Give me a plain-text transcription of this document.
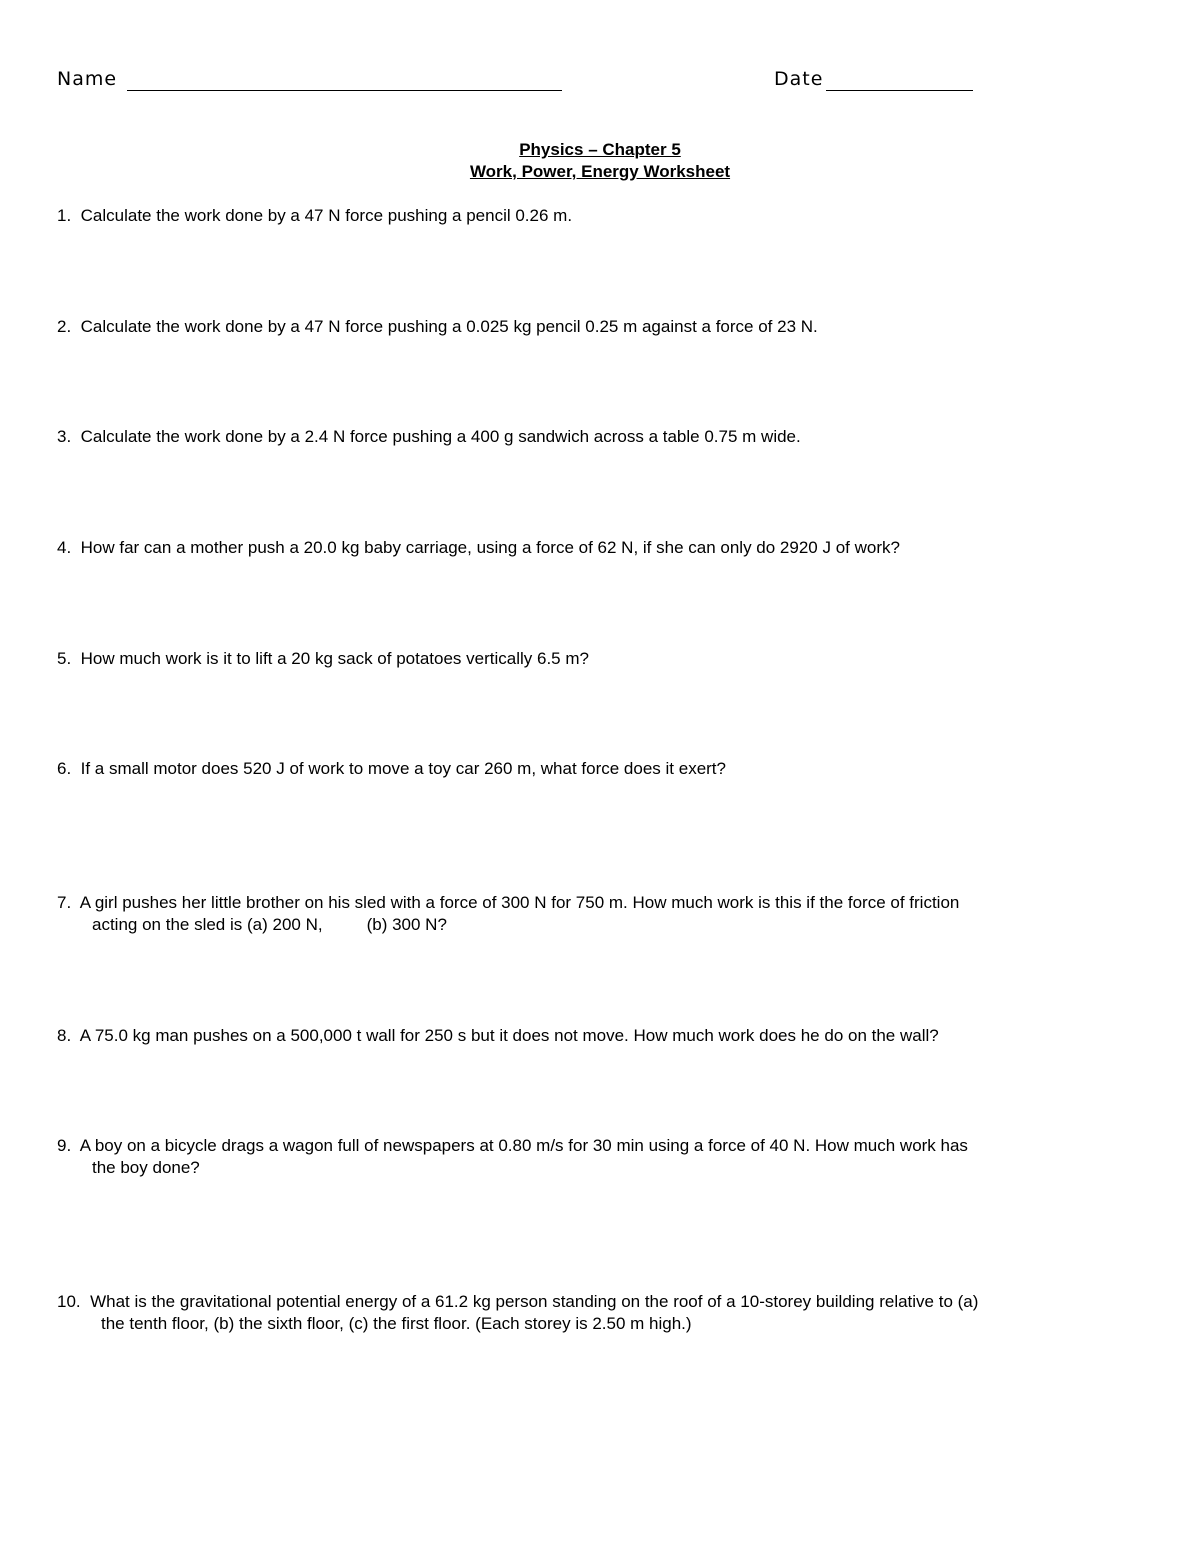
Name	Date
Physics – Chapter 5
Work, Power, Energy Worksheet
1. Calculate the work done by a 47 N force pushing a pencil 0.26 m.
2. Calculate the work done by a 47 N force pushing a 0.025 kg pencil 0.25 m against a force of 23 N.
3. Calculate the work done by a 2.4 N force pushing a 400 g sandwich across a table 0.75 m wide.
4. How far can a mother push a 20.0 kg baby carriage, using a force of 62 N, if she can only do 2920 J of work?
5. How much work is it to lift a 20 kg sack of potatoes vertically 6.5 m?
6. If a small motor does 520 J of work to move a toy car 260 m, what force does it exert?
7. A girl pushes her little brother on his sled with a force of 300 N for 750 m. How much work is this if the force of friction
acting on the sled is (a) 200 N,	(b) 300 N?
8. A 75.0 kg man pushes on a 500,000 t wall for 250 s but it does not move. How much work does he do on the wall?
9. A boy on a bicycle drags a wagon full of newspapers at 0.80 m/s for 30 min using a force of 40 N. How much work has
the boy done?
10. What is the gravitational potential energy of a 61.2 kg person standing on the roof of a 10-storey building relative to (a)
the tenth floor, (b) the sixth floor, (c) the first floor. (Each storey is 2.50 m high.)
